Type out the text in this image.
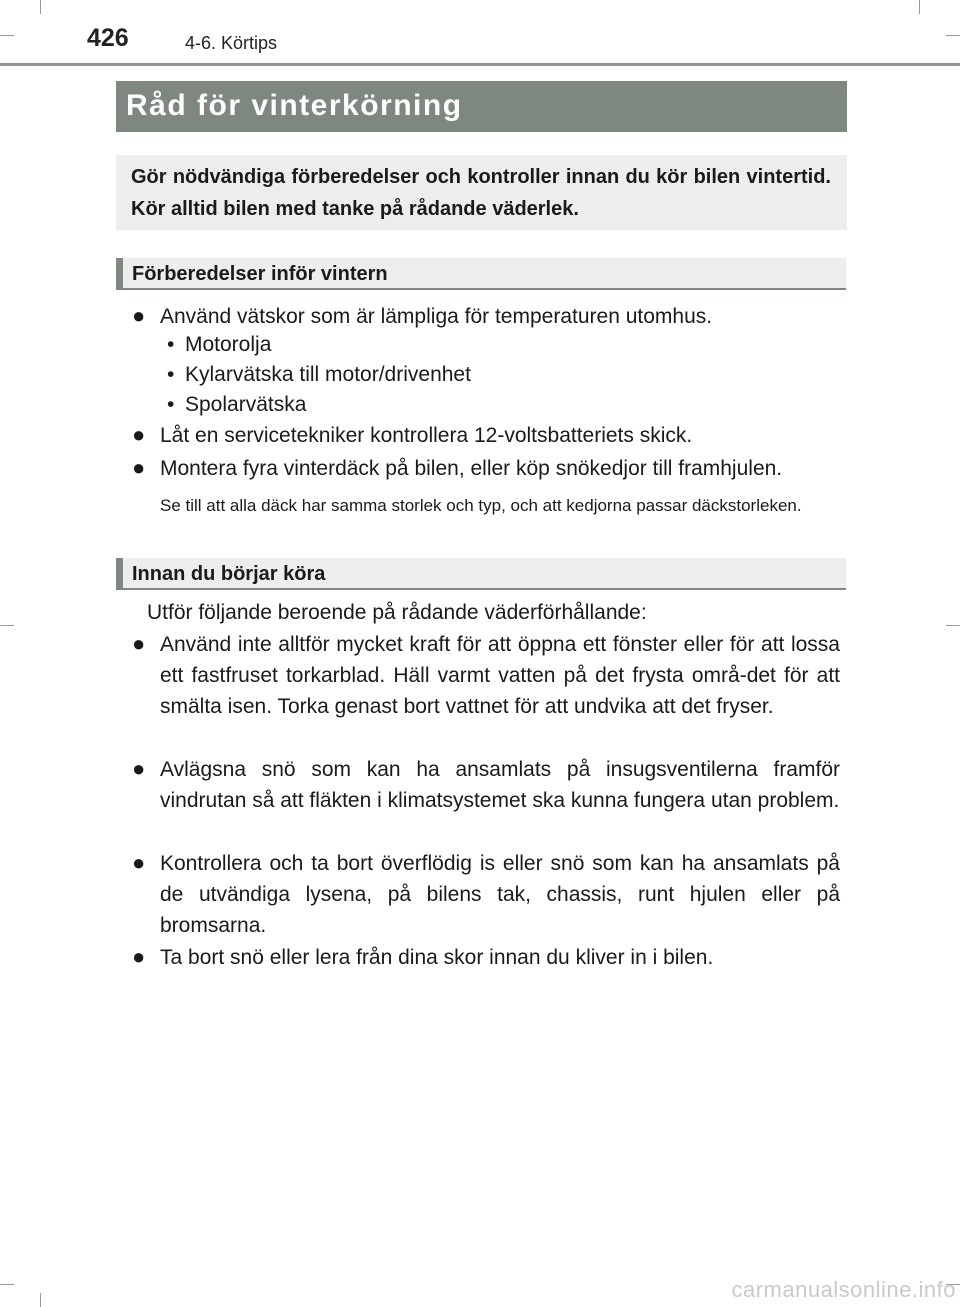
426	4-6. Körtips
Råd för vinterkörning
Gör nödvändiga förberedelser och kontroller innan du kör bilen vintertid. Kör alltid bilen med tanke på rådande väderlek.
Förberedelser inför vintern
● Använd vätskor som är lämpliga för temperaturen utomhus.
• Motorolja
• Kylarvätska till motor/drivenhet
• Spolarvätska
● Låt en servicetekniker kontrollera 12-voltsbatteriets skick.
● Montera fyra vinterdäck på bilen, eller köp snökedjor till framhjulen.
Se till att alla däck har samma storlek och typ, och att kedjorna passar däckstorleken.
Innan du börjar köra
Utför följande beroende på rådande väderförhållande:
● Använd inte alltför mycket kraft för att öppna ett fönster eller för att lossa ett fastfruset torkarblad. Häll varmt vatten på det frysta områ-det för att smälta isen. Torka genast bort vattnet för att undvika att det fryser.
● Avlägsna snö som kan ha ansamlats på insugsventilerna framför vindrutan så att fläkten i klimatsystemet ska kunna fungera utan problem.
● Kontrollera och ta bort överflödig is eller snö som kan ha ansamlats på de utvändiga lysena, på bilens tak, chassis, runt hjulen eller på bromsarna.
● Ta bort snö eller lera från dina skor innan du kliver in i bilen.
carmanualsonline.info
